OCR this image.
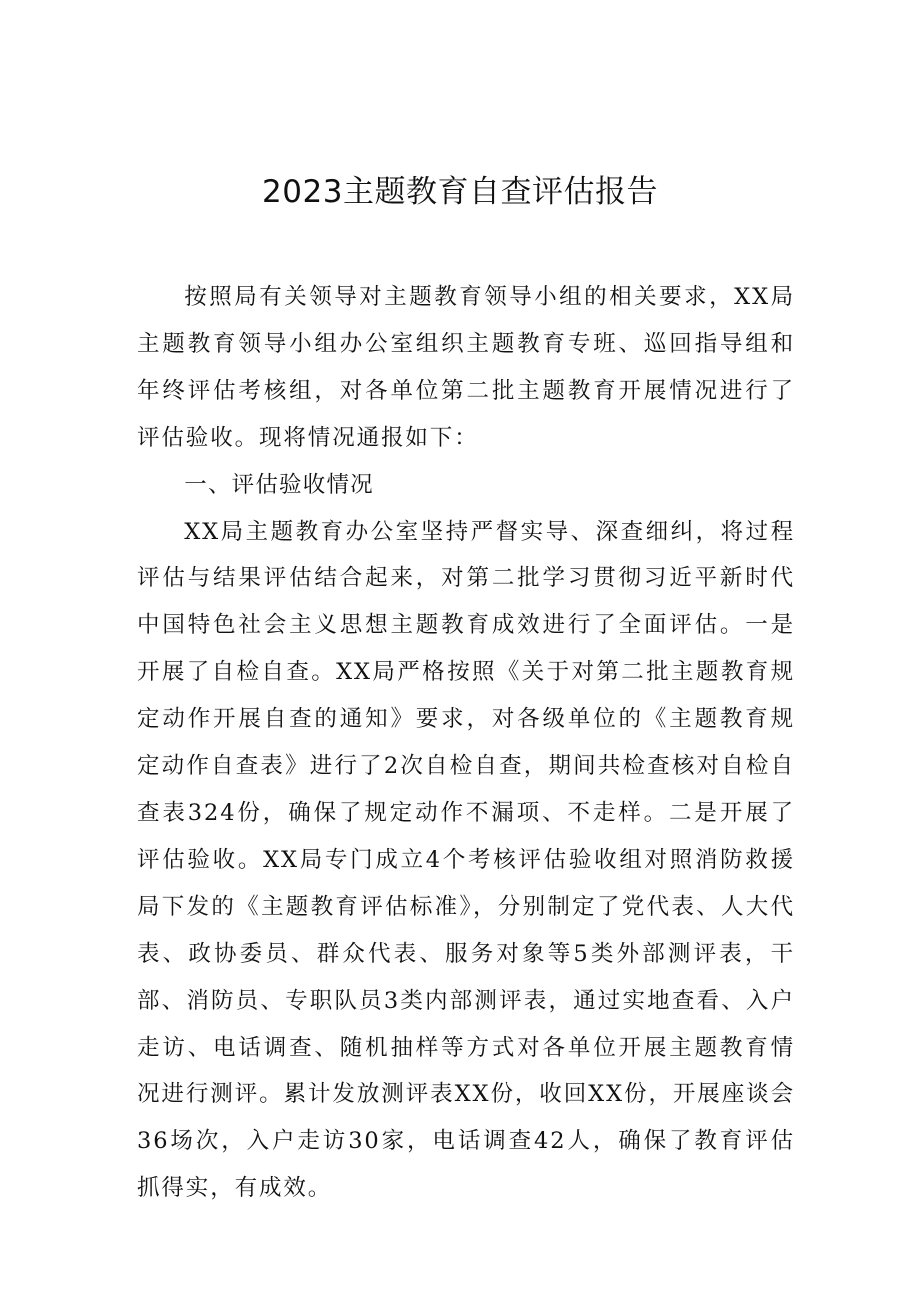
2023主题教育自查评估报告

按照局有关领导对主题教育领导小组的相关要求，XX局主题教育领导小组办公室组织主题教育专班、巡回指导组和年终评估考核组，对各单位第二批主题教育开展情况进行了评估验收。现将情况通报如下：

一、评估验收情况

XX局主题教育办公室坚持严督实导、深查细纠，将过程评估与结果评估结合起来，对第二批学习贯彻习近平新时代中国特色社会主义思想主题教育成效进行了全面评估。一是开展了自检自查。XX局严格按照《关于对第二批主题教育规定动作开展自查的通知》要求，对各级单位的《主题教育规定动作自查表》进行了2次自检自查，期间共检查核对自检自查表324份，确保了规定动作不漏项、不走样。二是开展了评估验收。XX局专门成立4个考核评估验收组对照消防救援局下发的《主题教育评估标准》，分别制定了党代表、人大代表、政协委员、群众代表、服务对象等5类外部测评表，干部、消防员、专职队员3类内部测评表，通过实地查看、入户走访、电话调查、随机抽样等方式对各单位开展主题教育情况进行测评。累计发放测评表XX份，收回XX份，开展座谈会36场次，入户走访30家，电话调查42人，确保了教育评估抓得实，有成效。
